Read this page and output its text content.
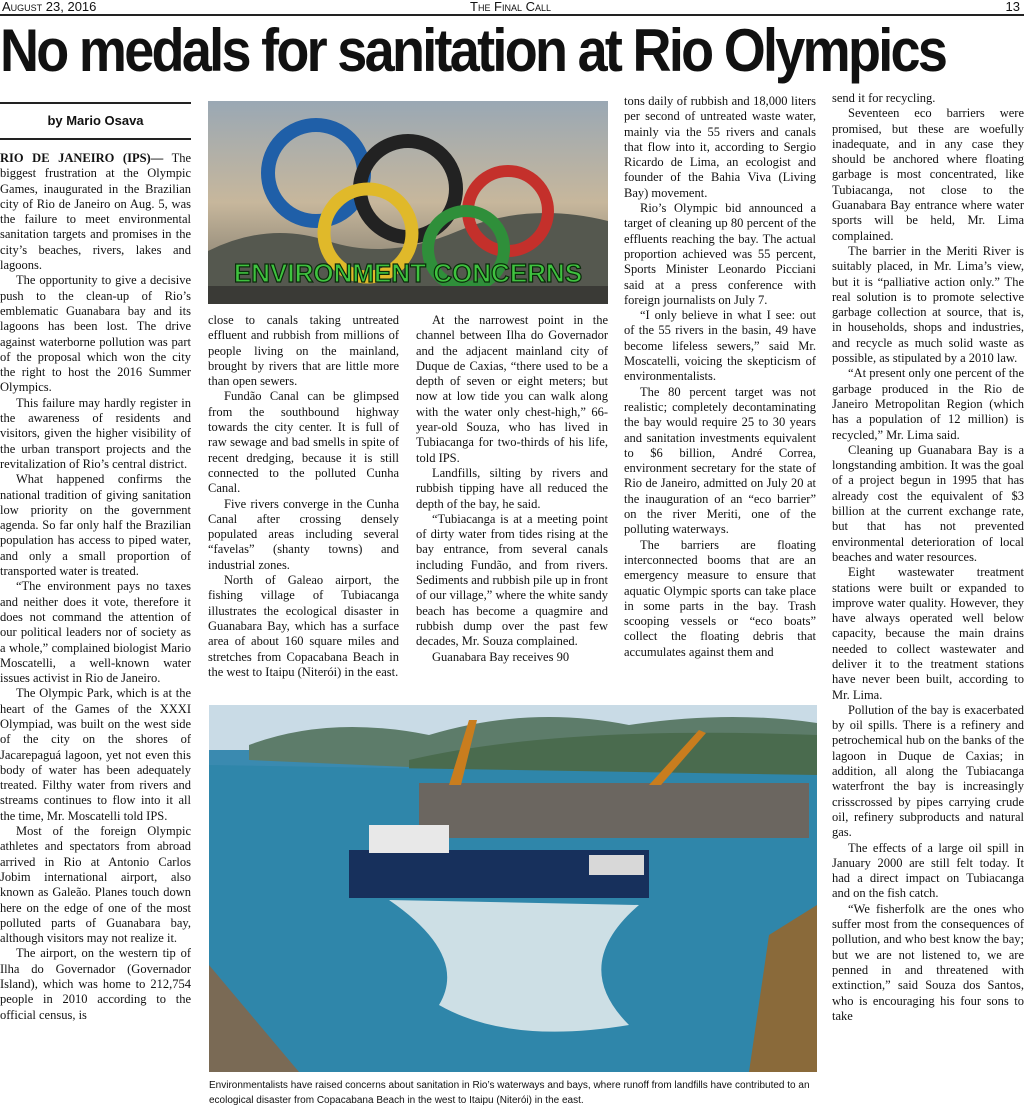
August 23, 2016	The Final Call	13
No medals for sanitation at Rio Olympics
by Mario Osava

RIO DE JANEIRO (IPS)— The biggest frustration at the Olympic Games, inaugurated in the Brazilian city of Rio de Janeiro on Aug. 5, was the failure to meet environmental sanitation targets and promises in the city’s beaches, rivers, lakes and lagoons.

The opportunity to give a decisive push to the clean-up of Rio’s emblematic Guanabara bay and its lagoons has been lost. The drive against waterborne pollution was part of the proposal which won the city the right to host the 2016 Summer Olympics.

This failure may hardly register in the awareness of residents and visitors, given the higher visibility of the urban transport projects and the revitalization of Rio’s central district.

What happened confirms the national tradition of giving sanitation low priority on the government agenda. So far only half the Brazilian population has access to piped water, and only a small proportion of transported water is treated.

“The environment pays no taxes and neither does it vote, therefore it does not command the attention of our political leaders nor of society as a whole,” complained biologist Mario Moscatelli, a well-known water issues activist in Rio de Janeiro.

The Olympic Park, which is at the heart of the Games of the XXXI Olympiad, was built on the west side of the city on the shores of Jacarepaguá lagoon, yet not even this body of water has been adequately treated. Filthy water from rivers and streams continues to flow into it all the time, Mr. Moscatelli told IPS.

Most of the foreign Olympic athletes and spectators from abroad arrived in Rio at Antonio Carlos Jobim international airport, also known as Galeão. Planes touch down here on the edge of one of the most polluted parts of Guanabara bay, although visitors may not realize it.

The airport, on the western tip of Ilha do Governador (Governador Island), which was home to 212,754 people in 2010 according to the official census, is

ENVIRONMENT CONCERNS

close to canals taking untreated effluent and rubbish from millions of people living on the mainland, brought by rivers that are little more than open sewers.

Fundão Canal can be glimpsed from the southbound highway towards the city center. It is full of raw sewage and bad smells in spite of recent dredging, because it is still connected to the polluted Cunha Canal.

Five rivers converge in the Cunha Canal after crossing densely populated areas including several “favelas” (shanty towns) and industrial zones.

North of Galeao airport, the fishing village of Tubiacanga illustrates the ecological disaster in Guanabara Bay, which has a surface area of about 160 square miles and stretches from Copacabana Beach in the west to Itaipu (Niterói) in the east.

At the narrowest point in the channel between Ilha do Governador and the adjacent mainland city of Duque de Caxias, “there used to be a depth of seven or eight meters; but now at low tide you can walk along with the water only chest-high,” 66-year-old Souza, who has lived in Tubiacanga for two-thirds of his life, told IPS.

Landfills, silting by rivers and rubbish tipping have all reduced the depth of the bay, he said.

“Tubiacanga is at a meeting point of dirty water from tides rising at the bay entrance, from several canals including Fundão, and from rivers. Sediments and rubbish pile up in front of our village,” where the white sandy beach has become a quagmire and rubbish dump over the past few decades, Mr. Souza complained.

Guanabara Bay receives 90

tons daily of rubbish and 18,000 liters per second of untreated waste water, mainly via the 55 rivers and canals that flow into it, according to Sergio Ricardo de Lima, an ecologist and founder of the Bahia Viva (Living Bay) movement.

Rio’s Olympic bid announced a target of cleaning up 80 percent of the effluents reaching the bay. The actual proportion achieved was 55 percent, Sports Minister Leonardo Picciani said at a press conference with foreign journalists on July 7.

“I only believe in what I see: out of the 55 rivers in the basin, 49 have become lifeless sewers,” said Mr. Moscatelli, voicing the skepticism of environmentalists.

The 80 percent target was not realistic; completely decontaminating the bay would require 25 to 30 years and sanitation investments equivalent to $6 billion, André Correa, environment secretary for the state of Rio de Janeiro, admitted on July 20 at the inauguration of an “eco barrier” on the river Meriti, one of the polluting waterways.

The barriers are floating interconnected booms that are an emergency measure to ensure that aquatic Olympic sports can take place in some parts in the bay. Trash scooping vessels or “eco boats” collect the floating debris that accumulates against them and

Environmentalists have raised concerns about sanitation in Rio’s waterways and bays, where runoff from landfills have contributed to an ecological disaster from Copacabana Beach in the west to Itaipu (Niterói) in the east.

send it for recycling.

Seventeen eco barriers were promised, but these are woefully inadequate, and in any case they should be anchored where floating garbage is most concentrated, like Tubiacanga, not close to the Guanabara Bay entrance where water sports will be held, Mr. Lima complained.

The barrier in the Meriti River is suitably placed, in Mr. Lima’s view, but it is “palliative action only.” The real solution is to promote selective garbage collection at source, that is, in households, shops and industries, and recycle as much solid waste as possible, as stipulated by a 2010 law.

“At present only one percent of the garbage produced in the Rio de Janeiro Metropolitan Region (which has a population of 12 million) is recycled,” Mr. Lima said.

Cleaning up Guanabara Bay is a longstanding ambition. It was the goal of a project begun in 1995 that has already cost the equivalent of $3 billion at the current exchange rate, but that has not prevented environmental deterioration of local beaches and water resources.

Eight wastewater treatment stations were built or expanded to improve water quality. However, they have always operated well below capacity, because the main drains needed to collect wastewater and deliver it to the treatment stations have never been built, according to Mr. Lima.

Pollution of the bay is exacerbated by oil spills. There is a refinery and petrochemical hub on the banks of the lagoon in Duque de Caxias; in addition, all along the Tubiacanga waterfront the bay is increasingly crisscrossed by pipes carrying crude oil, refinery subproducts and natural gas.

The effects of a large oil spill in January 2000 are still felt today. It had a direct impact on Tubiacanga and on the fish catch.

“We fisherfolk are the ones who suffer most from the consequences of pollution, and who best know the bay; but we are not listened to, we are penned in and threatened with extinction,” said Souza dos Santos, who is encouraging his four sons to take
